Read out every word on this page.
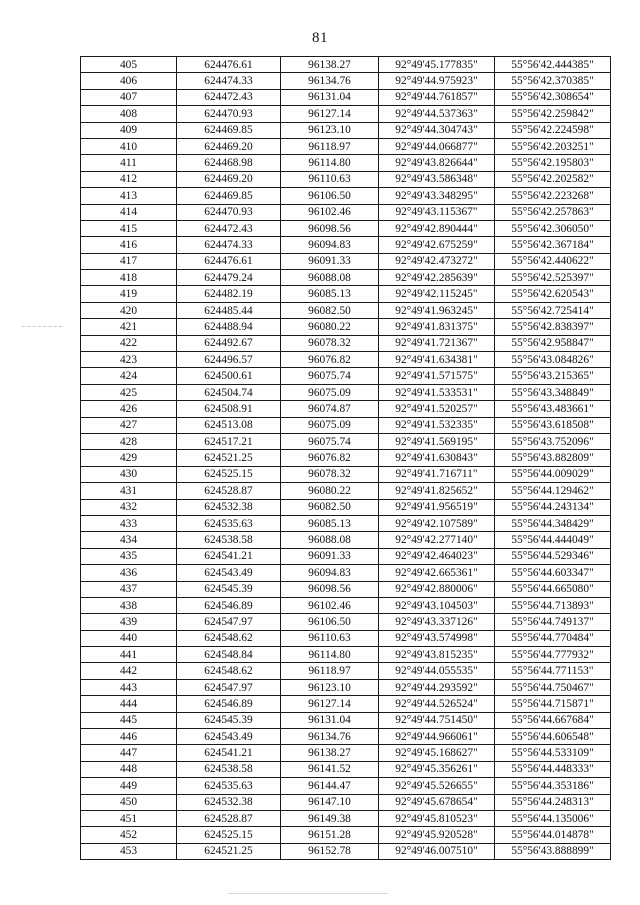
81
405	624476.61	96138.27	92°49'45.177835"	55°56'42.444385"
406	624474.33	96134.76	92°49'44.975923"	55°56'42.370385"
407	624472.43	96131.04	92°49'44.761857"	55°56'42.308654"
408	624470.93	96127.14	92°49'44.537363"	55°56'42.259842"
409	624469.85	96123.10	92°49'44.304743"	55°56'42.224598"
410	624469.20	96118.97	92°49'44.066877"	55°56'42.203251"
411	624468.98	96114.80	92°49'43.826644"	55°56'42.195803"
412	624469.20	96110.63	92°49'43.586348"	55°56'42.202582"
413	624469.85	96106.50	92°49'43.348295"	55°56'42.223268"
414	624470.93	96102.46	92°49'43.115367"	55°56'42.257863"
415	624472.43	96098.56	92°49'42.890444"	55°56'42.306050"
416	624474.33	96094.83	92°49'42.675259"	55°56'42.367184"
417	624476.61	96091.33	92°49'42.473272"	55°56'42.440622"
418	624479.24	96088.08	92°49'42.285639"	55°56'42.525397"
419	624482.19	96085.13	92°49'42.115245"	55°56'42.620543"
420	624485.44	96082.50	92°49'41.963245"	55°56'42.725414"
421	624488.94	96080.22	92°49'41.831375"	55°56'42.838397"
422	624492.67	96078.32	92°49'41.721367"	55°56'42.958847"
423	624496.57	96076.82	92°49'41.634381"	55°56'43.084826"
424	624500.61	96075.74	92°49'41.571575"	55°56'43.215365"
425	624504.74	96075.09	92°49'41.533531"	55°56'43.348849"
426	624508.91	96074.87	92°49'41.520257"	55°56'43.483661"
427	624513.08	96075.09	92°49'41.532335"	55°56'43.618508"
428	624517.21	96075.74	92°49'41.569195"	55°56'43.752096"
429	624521.25	96076.82	92°49'41.630843"	55°56'43.882809"
430	624525.15	96078.32	92°49'41.716711"	55°56'44.009029"
431	624528.87	96080.22	92°49'41.825652"	55°56'44.129462"
432	624532.38	96082.50	92°49'41.956519"	55°56'44.243134"
433	624535.63	96085.13	92°49'42.107589"	55°56'44.348429"
434	624538.58	96088.08	92°49'42.277140"	55°56'44.444049"
435	624541.21	96091.33	92°49'42.464023"	55°56'44.529346"
436	624543.49	96094.83	92°49'42.665361"	55°56'44.603347"
437	624545.39	96098.56	92°49'42.880006"	55°56'44.665080"
438	624546.89	96102.46	92°49'43.104503"	55°56'44.713893"
439	624547.97	96106.50	92°49'43.337126"	55°56'44.749137"
440	624548.62	96110.63	92°49'43.574998"	55°56'44.770484"
441	624548.84	96114.80	92°49'43.815235"	55°56'44.777932"
442	624548.62	96118.97	92°49'44.055535"	55°56'44.771153"
443	624547.97	96123.10	92°49'44.293592"	55°56'44.750467"
444	624546.89	96127.14	92°49'44.526524"	55°56'44.715871"
445	624545.39	96131.04	92°49'44.751450"	55°56'44.667684"
446	624543.49	96134.76	92°49'44.966061"	55°56'44.606548"
447	624541.21	96138.27	92°49'45.168627"	55°56'44.533109"
448	624538.58	96141.52	92°49'45.356261"	55°56'44.448333"
449	624535.63	96144.47	92°49'45.526655"	55°56'44.353186"
450	624532.38	96147.10	92°49'45.678654"	55°56'44.248313"
451	624528.87	96149.38	92°49'45.810523"	55°56'44.135006"
452	624525.15	96151.28	92°49'45.920528"	55°56'44.014878"
453	624521.25	96152.78	92°49'46.007510"	55°56'43.888899"
